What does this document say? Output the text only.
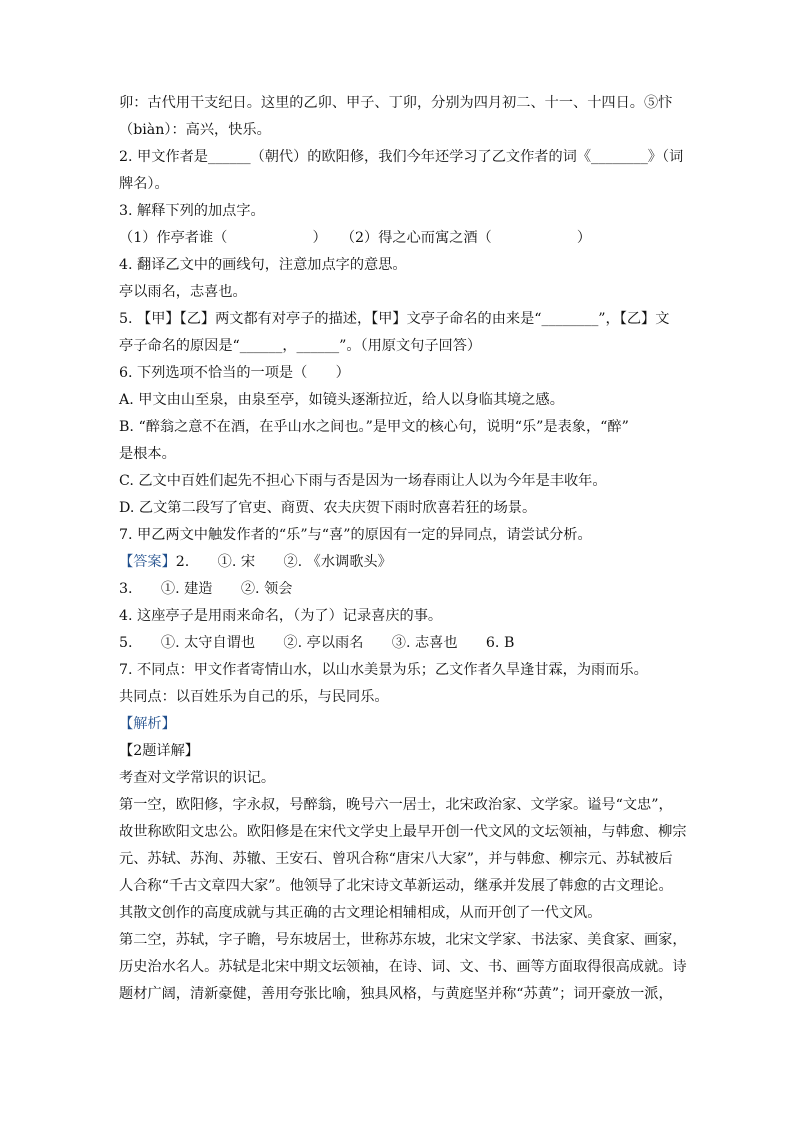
卯：古代用干支纪日。这里的乙卯、甲子、丁卯，分别为四月初二、十一、十四日。⑤忭
（biàn）：高兴，快乐。
2. 甲文作者是______（朝代）的欧阳修，我们今年还学习了乙文作者的词《________》（词
牌名）。
3. 解释下列的加点字。
（1）作亭者谁（　　　　　　）　　（2）得之心而寓之酒（　　　　　　）
4. 翻译乙文中的画线句，注意加点字的意思。
亭以雨名，志喜也。
5. 【甲】【乙】两文都有对亭子的描述，【甲】文亭子命名的由来是“________”，【乙】文
亭子命名的原因是“______，______”。（用原文句子回答）
6. 下列选项不恰当的一项是（　　）
A. 甲文由山至泉，由泉至亭，如镜头逐渐拉近，给人以身临其境之感。
B. “醉翁之意不在酒，在乎山水之间也。”是甲文的核心句，说明“乐”是表象，“醉”
是根本。
C. 乙文中百姓们起先不担心下雨与否是因为一场春雨让人以为今年是丰收年。
D. 乙文第二段写了官吏、商贾、农夫庆贺下雨时欣喜若狂的场景。
7. 甲乙两文中触发作者的“乐”与“喜”的原因有一定的异同点，请尝试分析。
【答案】2.　　①. 宋　　②. 《水调歌头》
3.　　①. 建造　　②. 领会
4. 这座亭子是用雨来命名，（为了）记录喜庆的事。
5.　　①. 太守自谓也　　②. 亭以雨名　　③. 志喜也　　6. B
7. 不同点：甲文作者寄情山水，以山水美景为乐；乙文作者久旱逢甘霖，为雨而乐。
共同点：以百姓乐为自己的乐，与民同乐。
【解析】
【2题详解】
考查对文学常识的识记。
第一空，欧阳修，字永叔，号醉翁，晚号六一居士，北宋政治家、文学家。谥号“文忠”，
故世称欧阳文忠公。欧阳修是在宋代文学史上最早开创一代文风的文坛领袖，与韩愈、柳宗
元、苏轼、苏洵、苏辙、王安石、曾巩合称“唐宋八大家”，并与韩愈、柳宗元、苏轼被后
人合称“千古文章四大家”。他领导了北宋诗文革新运动，继承并发展了韩愈的古文理论。
其散文创作的高度成就与其正确的古文理论相辅相成，从而开创了一代文风。
第二空，苏轼，字子瞻，号东坡居士，世称苏东坡，北宋文学家、书法家、美食家、画家，
历史治水名人。苏轼是北宋中期文坛领袖，在诗、词、文、书、画等方面取得很高成就。诗
题材广阔，清新豪健，善用夸张比喻，独具风格，与黄庭坚并称“苏黄”；词开豪放一派，
